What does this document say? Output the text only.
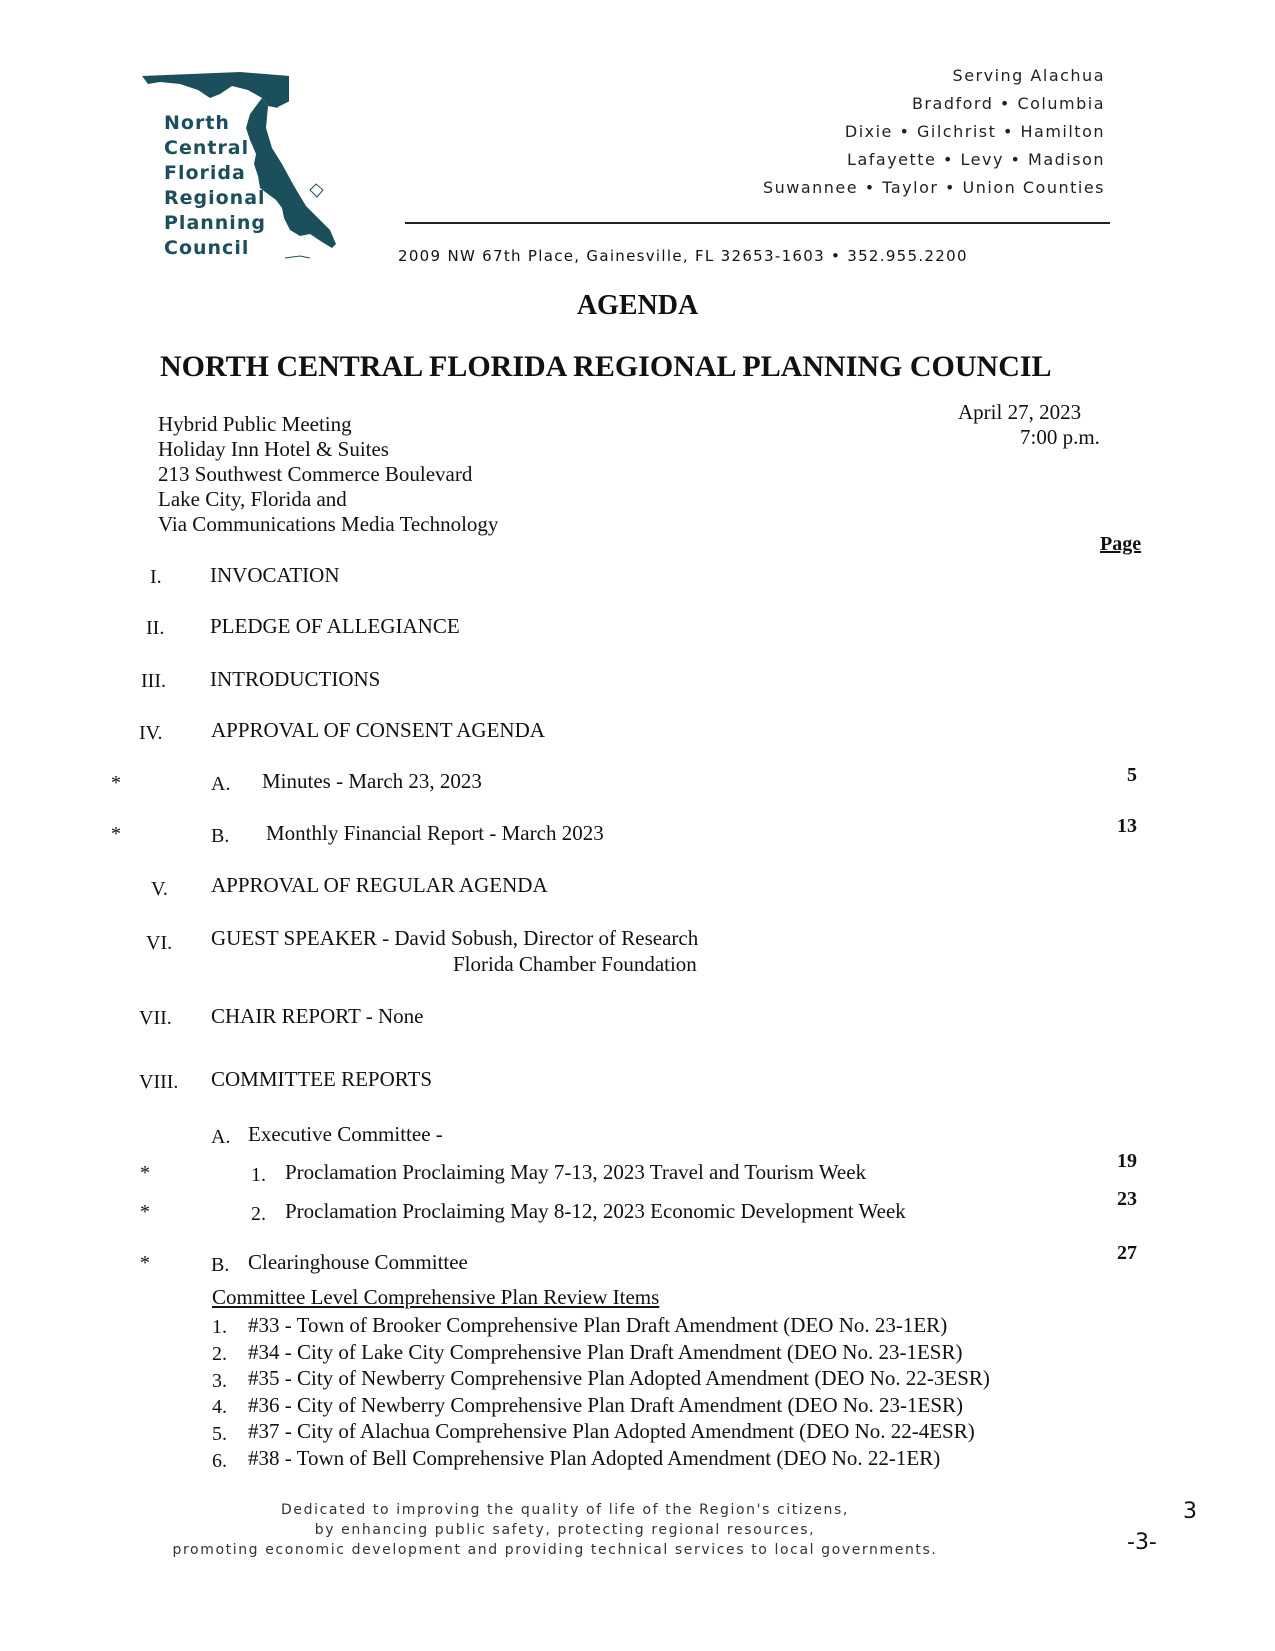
North
Central
Florida
Regional
Planning
Council
Serving Alachua
Bradford • Columbia
Dixie • Gilchrist • Hamilton
Lafayette • Levy • Madison
Suwannee • Taylor • Union Counties
2009 NW 67th Place, Gainesville, FL 32653-1603 • 352.955.2200
AGENDA
NORTH CENTRAL FLORIDA REGIONAL PLANNING COUNCIL
Hybrid Public Meeting
Holiday Inn Hotel & Suites
213 Southwest Commerce Boulevard
Lake City, Florida and
Via Communications Media Technology
April 27, 2023
7:00 p.m.
Page
I. INVOCATION
II. PLEDGE OF ALLEGIANCE
III. INTRODUCTIONS
IV. APPROVAL OF CONSENT AGENDA
*	A. Minutes - March 23, 2023	5
*	B. Monthly Financial Report - March 2023	13
V. APPROVAL OF REGULAR AGENDA
VI. GUEST SPEAKER - David Sobush, Director of Research
Florida Chamber Foundation
VII. CHAIR REPORT - None
VIII. COMMITTEE REPORTS
A. Executive Committee -
*	1. Proclamation Proclaiming May 7-13, 2023 Travel and Tourism Week	19
*	2. Proclamation Proclaiming May 8-12, 2023 Economic Development Week	23
*	B. Clearinghouse Committee	27
Committee Level Comprehensive Plan Review Items
1. #33 - Town of Brooker Comprehensive Plan Draft Amendment (DEO No. 23-1ER)
2. #34 - City of Lake City Comprehensive Plan Draft Amendment (DEO No. 23-1ESR)
3. #35 - City of Newberry Comprehensive Plan Adopted Amendment (DEO No. 22-3ESR)
4. #36 - City of Newberry Comprehensive Plan Draft Amendment (DEO No. 23-1ESR)
5. #37 - City of Alachua Comprehensive Plan Adopted Amendment (DEO No. 22-4ESR)
6. #38 - Town of Bell Comprehensive Plan Adopted Amendment (DEO No. 22-1ER)
Dedicated to improving the quality of life of the Region's citizens,
by enhancing public safety, protecting regional resources,
promoting economic development and providing technical services to local governments.
3
-3-
